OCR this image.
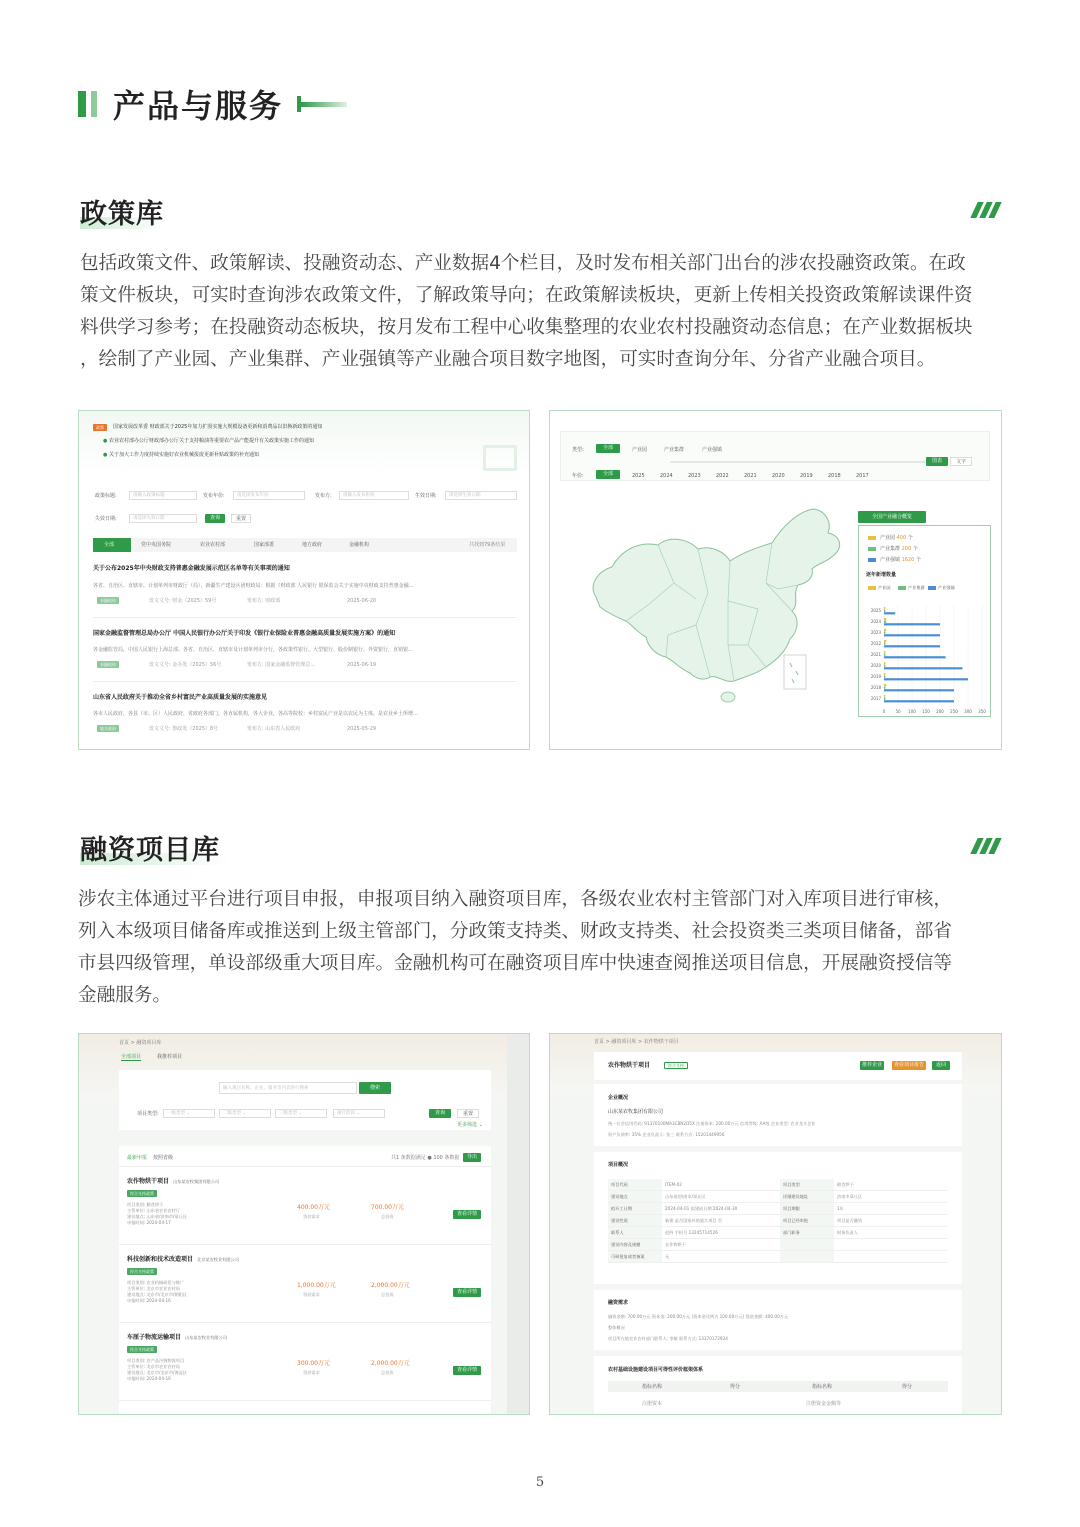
产品与服务
政策库
包括政策文件、政策解读、投融资动态、产业数据4个栏目，及时发布相关部门出台的涉农投融资政策。在政
策文件板块，可实时查询涉农政策文件，了解政策导向；在政策解读板块，更新上传相关投资政策解读课件资
料供学习参考；在投融资动态板块，按月发布工程中心收集整理的农业农村投融资动态信息；在产业数据板块
，绘制了产业园、产业集群、产业强镇等产业融合项目数字地图，可实时查询分年、分省产业融合项目。
政策	国家发展改革委 财政部关于2025年加力扩围实施大规模设备更新和消费品以旧换新政策的通知
● 农业农村部办公厅财政部办公厅关于支持粮油等重要农产品产能提升有关政策实施工作的通知
● 关于加大工作力度持续实施好农业机械报废更新补贴政策的补充通知
政策标题:	请输入政策标题	发布年份:	请选择发布年份	发布方:	请输入发布机构	生效日期:	请选择生效日期
失效日期:	请选择失效日期	查询	重置
全部	党中央国务院	农业农村部	国家部委	地方政府	金融机构	共找到79条结果
关于公布2025年中央财政支持普惠金融发展示范区名单等有关事项的通知
各省、自治区、直辖市、计划单列市财政厅（局），新疆生产建设兵团财政局：根据《财政部 人民银行 银保监会关于实施中央财政支持普惠金融...
金融机构	发文文号: 财金（2025）59号	发布方: 财政部	2025-06-20
国家金融监督管理总局办公厅 中国人民银行办公厅关于印发《银行业保险业普惠金融高质量发展实施方案》的通知
各金融监管局，中国人民银行上海总部、各省、自治区、直辖市及计划单列市分行，各政策性银行、大型银行、股份制银行、外资银行，直销银...
金融机构	发文文号: 金办发（2025）56号	发布方: 国家金融监督管理总...	2025-06-19
山东省人民政府关于推动全省乡村富民产业高质量发展的实施意见
各市人民政府，各县（市、区）人民政府，省政府各部门，各直属机构，各大企业，各高等院校：乡村富民产业是以农民为主体，是农业乡土所增...
地方政府	发文文号: 鲁政发（2025）8号	发布方: 山东省人民政府	2025-05-29
类型:	全部	产业园	产业集群	产业强镇
年份:	全部
图表	文字
全国产业融合概览
逐年新增数量
0	50 100 150 200 250 300 350
2025
2024
2023
2022
2021
2020
2019
2018
2017
2025	2024	2023	2022	2021	2020	2019	2018	2017
产业园 400 个
产业集群 200 个
产业强镇 1620 个
产业园	产业集群	产业强镇
融资项目库
涉农主体通过平台进行项目申报，申报项目纳入融资项目库，各级农业农村主管部门对入库项目进行审核，
列入本级项目储备库或推送到上级主管部门，分政策支持类、财政支持类、社会投资类三类项目储备，部省
市县四级管理，单设部级重大项目库。金融机构可在融资项目库中快速查阅推送项目信息，开展融资授信等
金融服务。
首页 > 融资项目库
全部项目	我推荐项目
输入项目名称、企业、服务等内容进行搜索	搜索
项目类型:	一级类型 ⌄	二级类型 ⌄	三级类型 ⌄	项目阶段 ⌄	查询	重置
更多筛选 ⌄
最新申报 按照省级	共1 条数据满足 ● 100 条数据	导出
农作物烘干项目 山东某农牧集团有限公司
符合支持政策
项目类别: 粮食烘干
主管单位: 山东省农业农村厅
建设地点: 山东省/济南市/章丘区
申报时间: 2024-04-17
400.00万元
贷款需求
700.00万元
总投资	查看详情
科技创新和技术改造项目 北京某农牧业有限公司
符合支持政策
项目类别: 农业机械研发与推广
主管单位: 北京市农业农村局
建设地点: 北京市/北京市/朝阳区
申报时间: 2024-04-16
1,000.00万元
贷款需求
2,000.00万元
总投资	查看详情
车厘子物流运输项目 山东某农牧业有限公司
符合支持政策
项目类别: 农产品冷链物流项目
主管单位: 北京市农业农村局
建设地点: 北京市/北京市/海淀区
申报时间: 2024-04-16
300.00万元
贷款需求
2,000.00万元
总投资	查看详情
首页 > 融资项目库 > 农作物烘干项目
农作物烘干项目	符合支持	推荐企业	查看项目报告	返回
企业概况
山东某农牧集团有限公司
统一社会信用代码: 91370100MA3C8N2D5X 注册资本: 200.00万元 信用等级: AA级 企业类型: 农业龙头企业
资产负债率: 35% 企业负责人: 张三 联系方式: 15201449956
项目概况
项目代码	ITEM-02	项目类型	粮食烘干
建设地点	山东省/济南市/章丘区	详细建设地址	济南市章丘区
拟开工日期	2024-04-01 拟建成日期 2024-04-30	项目期限	1年
建设性质	新建 是否国家补助重大项目 否	项目已经审批	项目是否融资
联系人	赵四 手机号 13245714526	部门职务	财务负责人
建设内容及规模	农作物烘干
可研批复或者备案	无
融资需求
融资金额: 700.00万元 资本金: 200.00万元 (资本金比例为 100.00万元) 贷款金额: 400.00万元
整体概况
项目所在地农业农村部门联系人: 李敏 联系方式: 13370172934
农村基础设施建设项目可得性评价框架体系
指标名称	得分	指标名称	得分
注册资本	注册资金金额等
5
